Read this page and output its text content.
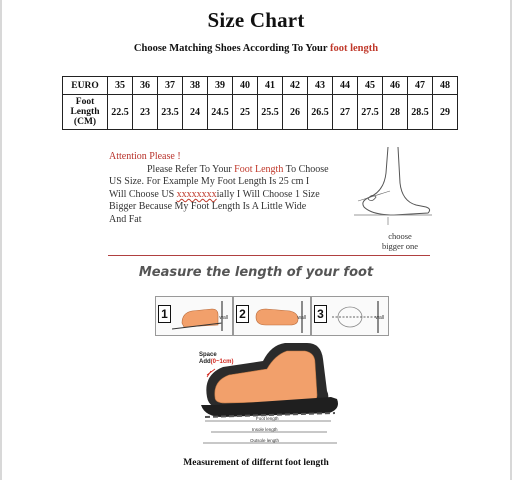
Size Chart
Choose Matching Shoes According To Your foot length
EURO	35	36	37	38	39	40	41	42	43	44	45	46	47	48
Foot
Length
(CM)	22.5	23	23.5	24	24.5	25	25.5	26	26.5	27	27.5	28	28.5	29
Attention Please !
Please Refer To Your Foot Length To Choose
US Size. For Example My Foot Length Is 25 cm I
Will Choose US xxxxxxxxially I Will Choose 1 Size
Bigger Because My Foot Length Is A Little Wide
And Fat
choose
bigger one
Measure the length of your foot
1	wall 2	wall 3	wall
Space
Add(0~1cm)
Foot length
Insole length
Outsole length
Measurement of differnt foot length
